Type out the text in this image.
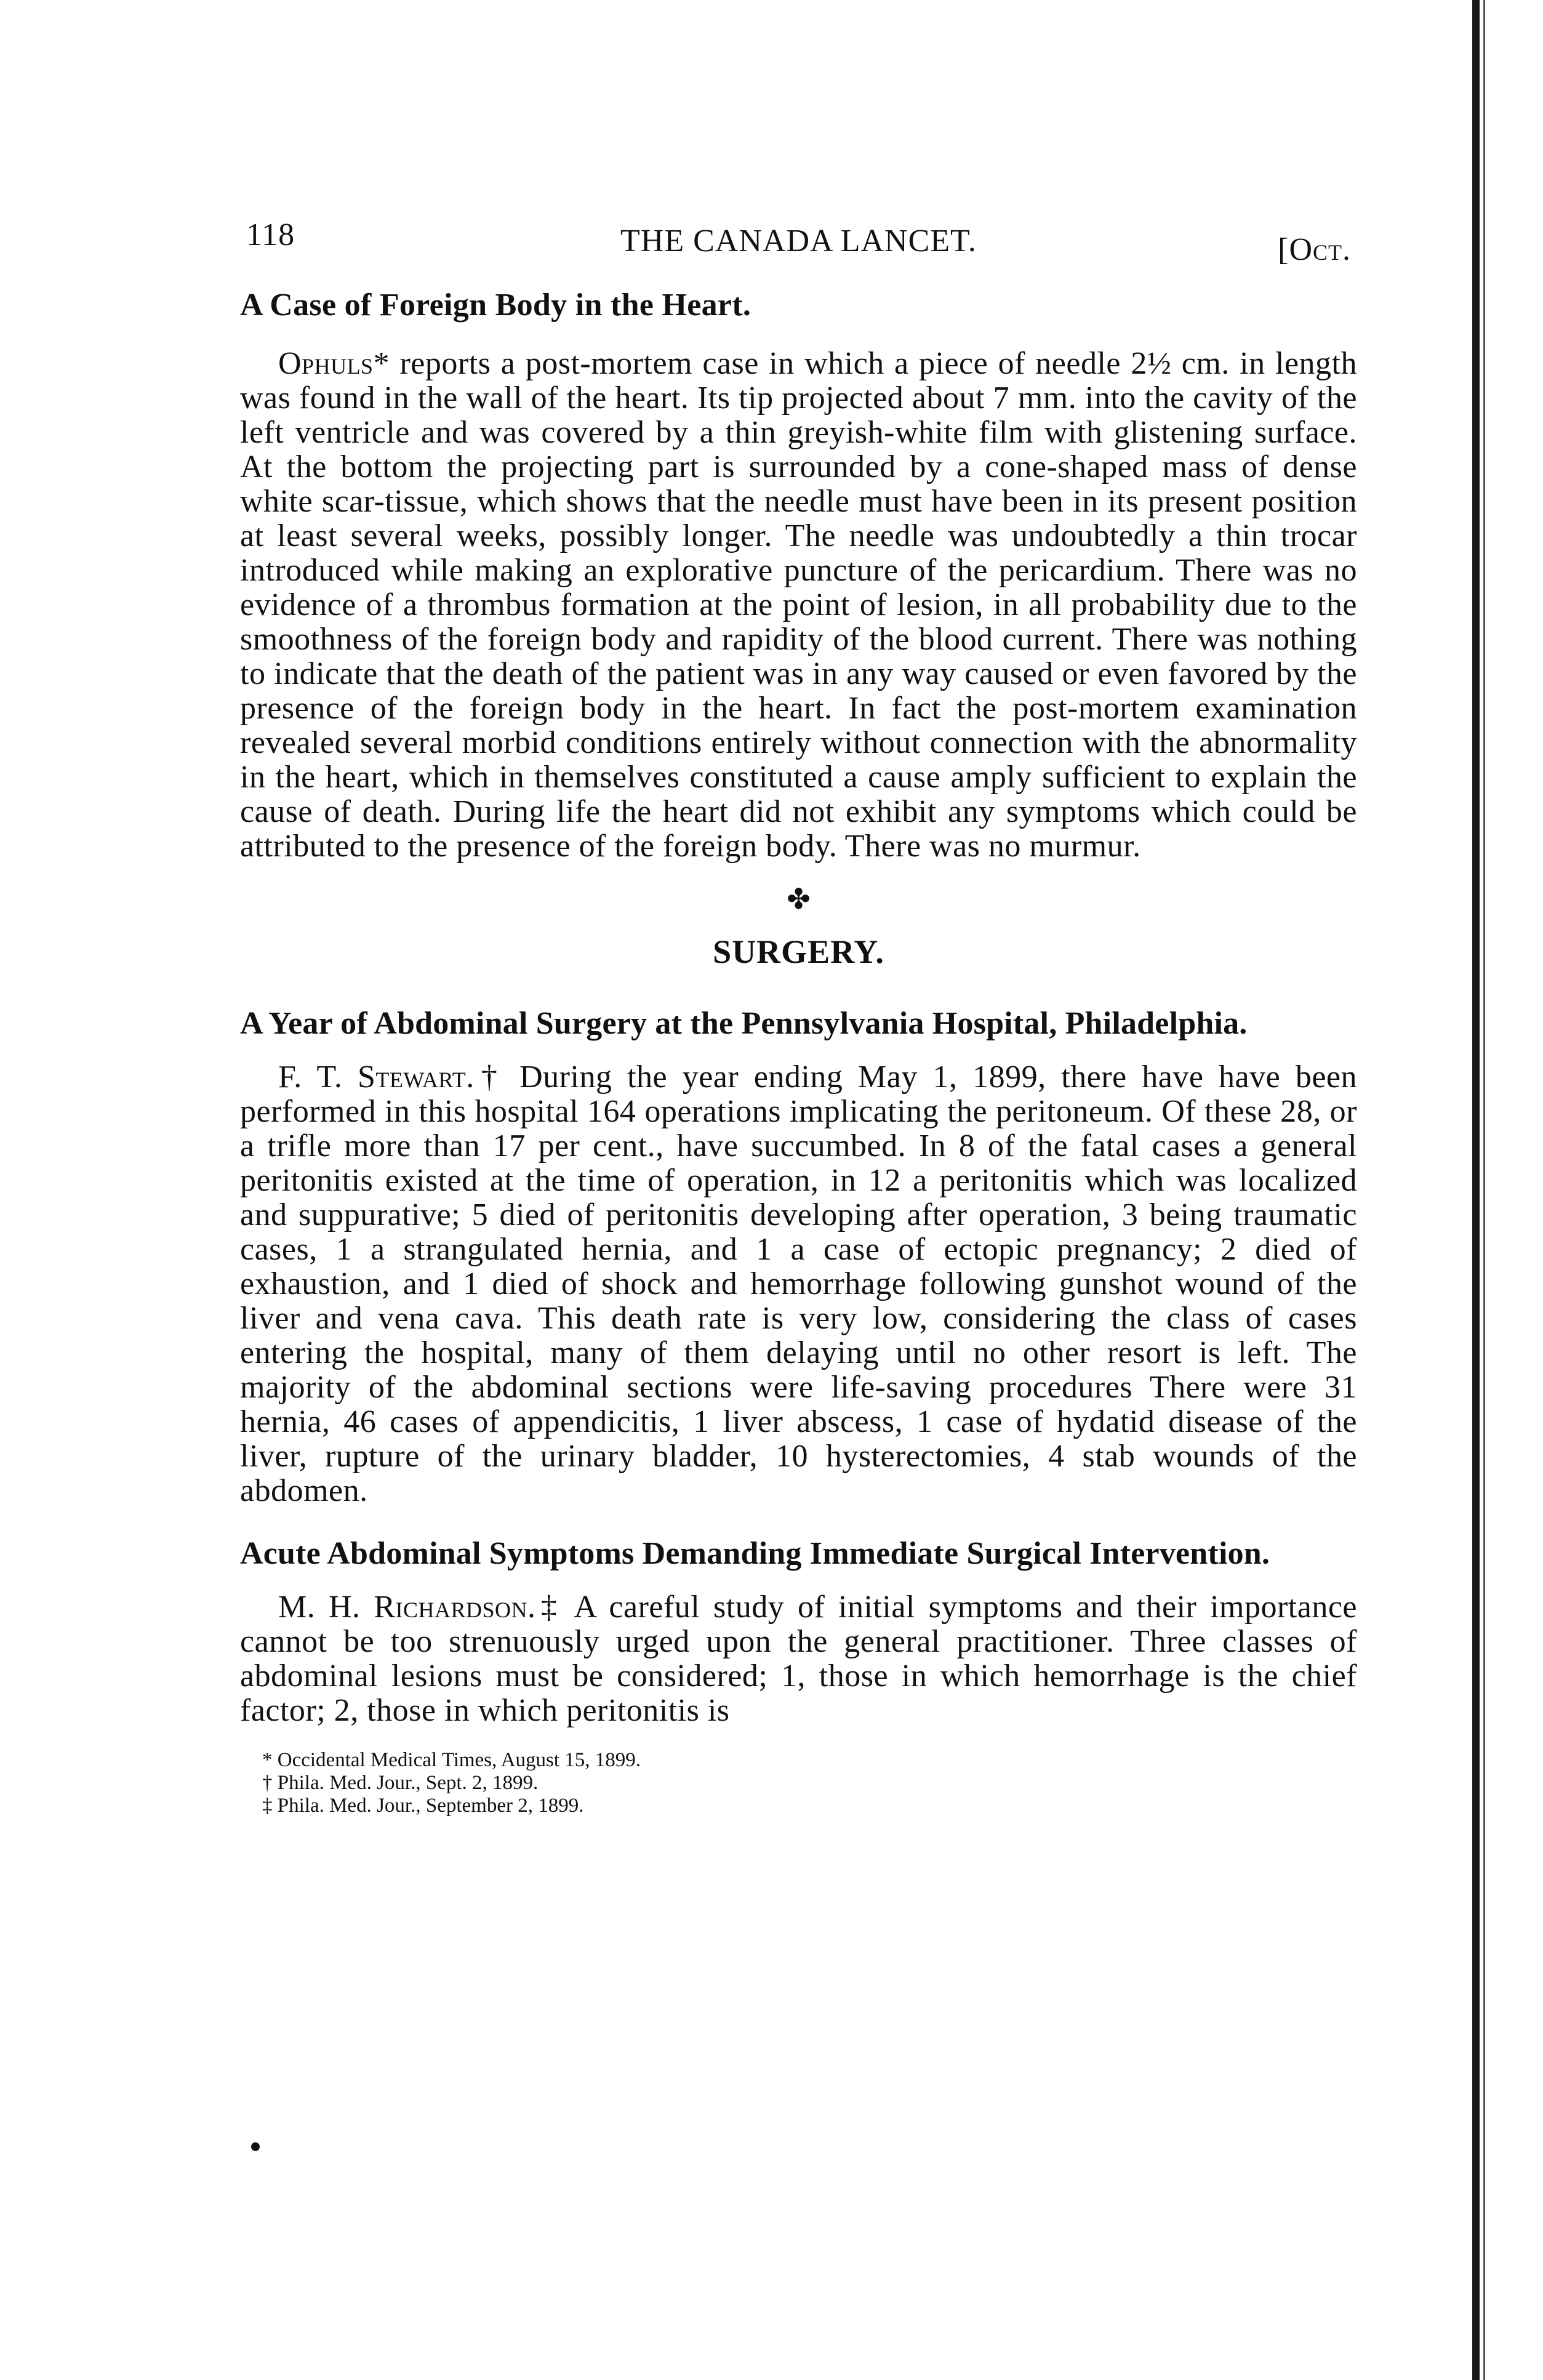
118	THE CANADA LANCET.	[Oct.
A Case of Foreign Body in the Heart.

Ophuls* reports a post-mortem case in which a piece of needle 2½ cm. in length was found in the wall of the heart. Its tip projected about 7 mm. into the cavity of the left ventricle and was covered by a thin greyish-white film with glistening surface. At the bottom the projecting part is surrounded by a cone-shaped mass of dense white scar-tissue, which shows that the needle must have been in its present position at least several weeks, possibly longer. The needle was undoubtedly a thin trocar introduced while making an explorative puncture of the pericardium. There was no evidence of a thrombus formation at the point of lesion, in all probability due to the smoothness of the foreign body and rapidity of the blood current. There was nothing to indicate that the death of the patient was in any way caused or even favored by the presence of the foreign body in the heart. In fact the post-mortem examination revealed several morbid conditions entirely without connection with the abnormality in the heart, which in themselves constituted a cause amply sufficient to explain the cause of death. During life the heart did not exhibit any symptoms which could be attributed to the presence of the foreign body. There was no murmur.

✤
SURGERY.
A Year of Abdominal Surgery at the Pennsylvania Hospital, Philadelphia.

F. T. Stewart.† During the year ending May 1, 1899, there have have been performed in this hospital 164 operations implicating the peritoneum. Of these 28, or a trifle more than 17 per cent., have succumbed. In 8 of the fatal cases a general peritonitis existed at the time of operation, in 12 a peritonitis which was localized and suppurative; 5 died of peritonitis developing after operation, 3 being traumatic cases, 1 a strangulated hernia, and 1 a case of ectopic pregnancy; 2 died of exhaustion, and 1 died of shock and hemorrhage following gunshot wound of the liver and vena cava. This death rate is very low, considering the class of cases entering the hospital, many of them delaying until no other resort is left. The majority of the abdominal sections were life-saving procedures There were 31 hernia, 46 cases of appendicitis, 1 liver abscess, 1 case of hydatid disease of the liver, rupture of the urinary bladder, 10 hysterectomies, 4 stab wounds of the abdomen.

Acute Abdominal Symptoms Demanding Immediate Surgical Intervention.

M. H. Richardson.‡ A careful study of initial symptoms and their importance cannot be too strenuously urged upon the general practitioner. Three classes of abdominal lesions must be considered; 1, those in which hemorrhage is the chief factor; 2, those in which peritonitis is

* Occidental Medical Times, August 15, 1899.
† Phila. Med. Jour., Sept. 2, 1899.
‡ Phila. Med. Jour., September 2, 1899.
